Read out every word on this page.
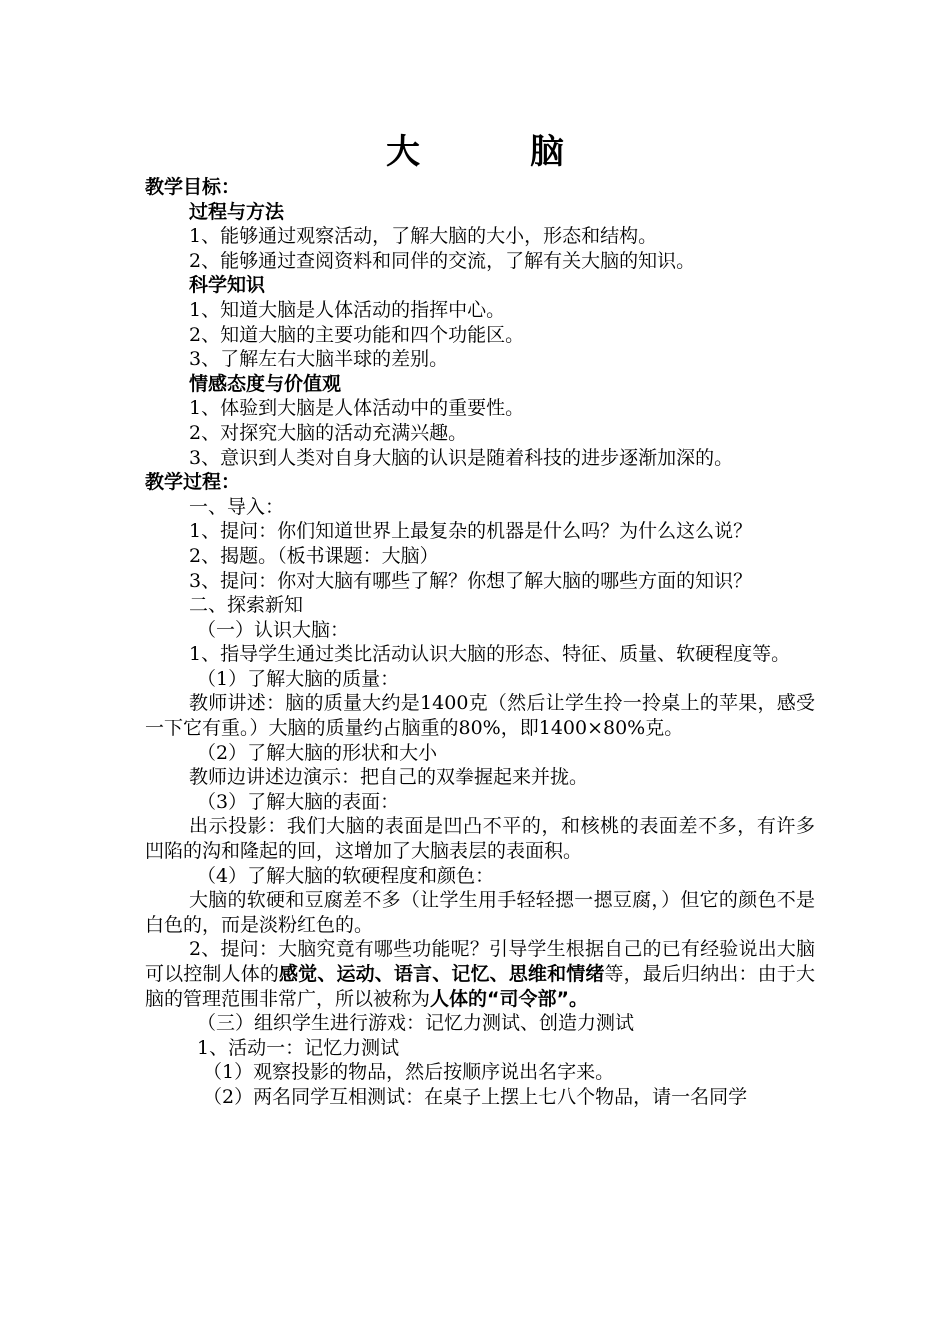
大　脑

教学目标：

过程与方法

1、能够通过观察活动，了解大脑的大小，形态和结构。

2、能够通过查阅资料和同伴的交流，了解有关大脑的知识。

科学知识

1、知道大脑是人体活动的指挥中心。

2、知道大脑的主要功能和四个功能区。

3、了解左右大脑半球的差别。

情感态度与价值观

1、体验到大脑是人体活动中的重要性。

2、对探究大脑的活动充满兴趣。

3、意识到人类对自身大脑的认识是随着科技的进步逐渐加深的。

教学过程：

一、导入：

1、提问：你们知道世界上最复杂的机器是什么吗？为什么这么说？

2、揭题。（板书课题：大脑）

3、提问：你对大脑有哪些了解？你想了解大脑的哪些方面的知识？

二、探索新知

（一）认识大脑：

1、指导学生通过类比活动认识大脑的形态、特征、质量、软硬程度等。

（1）了解大脑的质量：

教师讲述：脑的质量大约是1400克（然后让学生拎一拎桌上的苹果，感受一下它有重。）大脑的质量约占脑重的80%，即1400×80%克。

（2）了解大脑的形状和大小

教师边讲述边演示：把自己的双拳握起来并拢。

（3）了解大脑的表面：

出示投影：我们大脑的表面是凹凸不平的，和核桃的表面差不多，有许多凹陷的沟和隆起的回，这增加了大脑表层的表面积。

（4）了解大脑的软硬程度和颜色：

大脑的软硬和豆腐差不多（让学生用手轻轻摁一摁豆腐，）但它的颜色不是白色的，而是淡粉红色的。

2、提问：大脑究竟有哪些功能呢？引导学生根据自己的已有经验说出大脑可以控制人体的感觉、运动、语言、记忆、思维和情绪等，最后归纳出：由于大脑的管理范围非常广，所以被称为人体的“司令部”。

（三）组织学生进行游戏：记忆力测试、创造力测试

1、活动一：记忆力测试

（1）观察投影的物品，然后按顺序说出名字来。

（2）两名同学互相测试：在桌子上摆上七八个物品，请一名同学
